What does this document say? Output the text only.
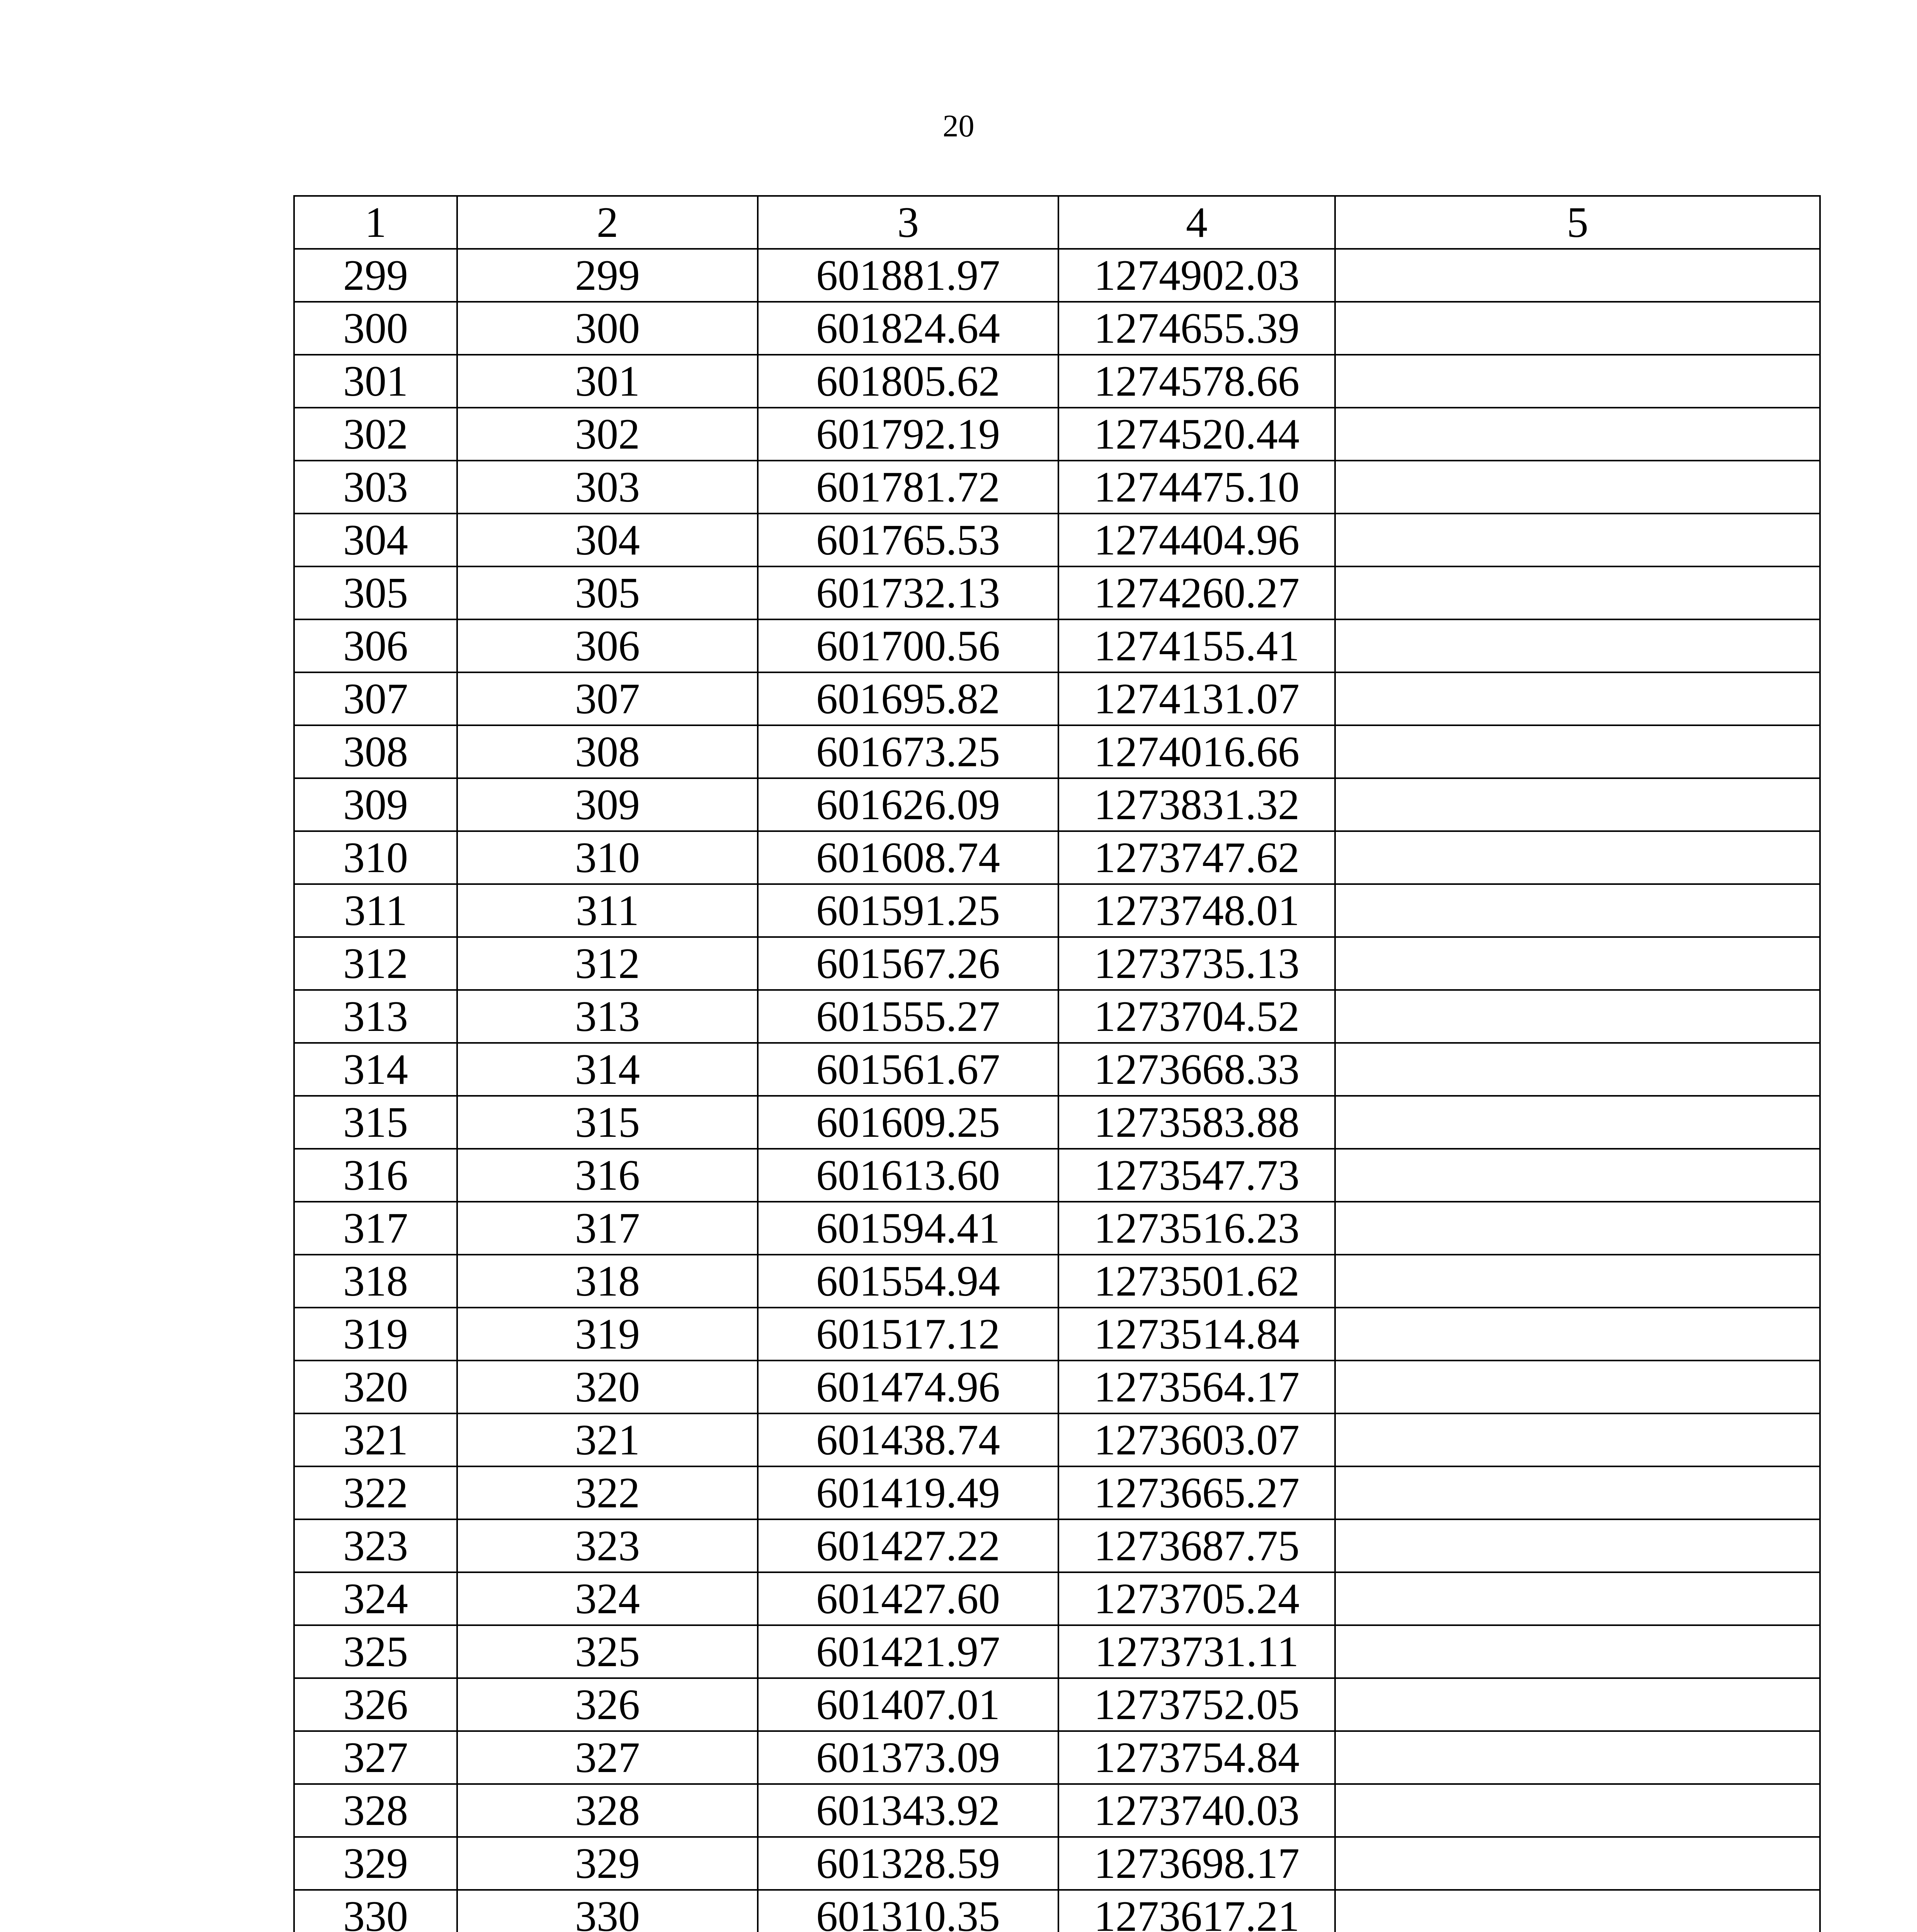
20
1	2	3	4	5
299	299	601881.97	1274902.03	
300	300	601824.64	1274655.39	
301	301	601805.62	1274578.66	
302	302	601792.19	1274520.44	
303	303	601781.72	1274475.10	
304	304	601765.53	1274404.96	
305	305	601732.13	1274260.27	
306	306	601700.56	1274155.41	
307	307	601695.82	1274131.07	
308	308	601673.25	1274016.66	
309	309	601626.09	1273831.32	
310	310	601608.74	1273747.62	
311	311	601591.25	1273748.01	
312	312	601567.26	1273735.13	
313	313	601555.27	1273704.52	
314	314	601561.67	1273668.33	
315	315	601609.25	1273583.88	
316	316	601613.60	1273547.73	
317	317	601594.41	1273516.23	
318	318	601554.94	1273501.62	
319	319	601517.12	1273514.84	
320	320	601474.96	1273564.17	
321	321	601438.74	1273603.07	
322	322	601419.49	1273665.27	
323	323	601427.22	1273687.75	
324	324	601427.60	1273705.24	
325	325	601421.97	1273731.11	
326	326	601407.01	1273752.05	
327	327	601373.09	1273754.84	
328	328	601343.92	1273740.03	
329	329	601328.59	1273698.17	
330	330	601310.35	1273617.21	
